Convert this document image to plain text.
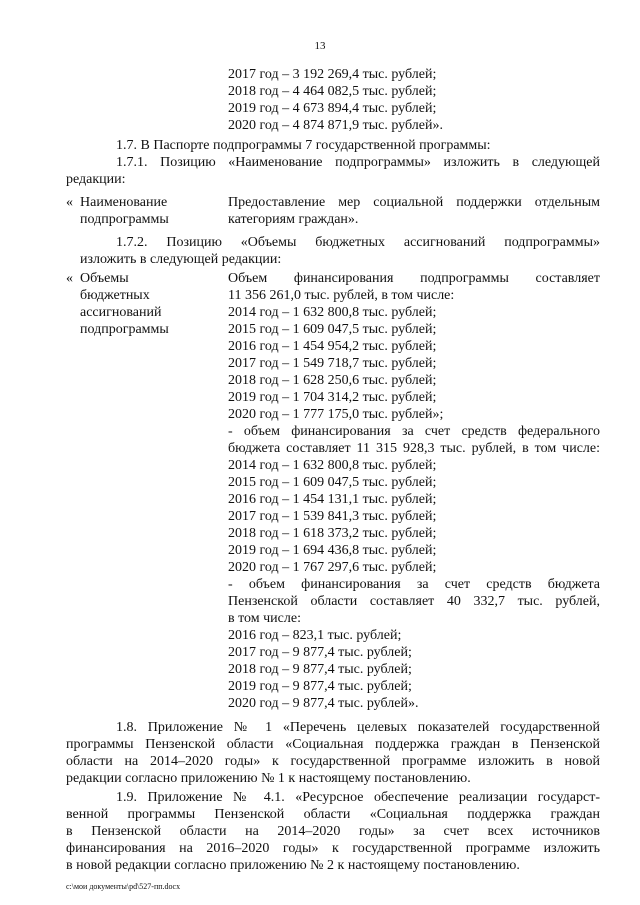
13
2017 год – 3 192 269,4 тыс. рублей;
2018 год – 4 464 082,5 тыс. рублей;
2019 год – 4 673 894,4 тыс. рублей;
2020 год – 4 874 871,9 тыс. рублей».
1.7. В Паспорте подпрограммы 7 государственной программы:
1.7.1. Позицию «Наименование подпрограммы» изложить в следующей
редакции:
« Наименование
подпрограммы
Предоставление мер социальной поддержки отдельным
категориям граждан».
1.7.2. Позицию «Объемы бюджетных ассигнований подпрограммы»
изложить в следующей редакции:
« Объемы
бюджетных
ассигнований
подпрограммы
Объем финансирования подпрограммы составляет
11 356 261,0 тыс. рублей, в том числе:
2014 год – 1 632 800,8 тыс. рублей;
2015 год – 1 609 047,5 тыс. рублей;
2016 год – 1 454 954,2 тыс. рублей;
2017 год – 1 549 718,7 тыс. рублей;
2018 год – 1 628 250,6 тыс. рублей;
2019 год – 1 704 314,2 тыс. рублей;
2020 год – 1 777 175,0 тыс. рублей»;
- объем финансирования за счет средств федерального
бюджета составляет 11 315 928,3 тыс. рублей, в том числе:
2014 год – 1 632 800,8 тыс. рублей;
2015 год – 1 609 047,5 тыс. рублей;
2016 год – 1 454 131,1 тыс. рублей;
2017 год – 1 539 841,3 тыс. рублей;
2018 год – 1 618 373,2 тыс. рублей;
2019 год – 1 694 436,8 тыс. рублей;
2020 год – 1 767 297,6 тыс. рублей;
- объем финансирования за счет средств бюджета
Пензенской области составляет 40 332,7 тыс. рублей,
в том числе:
2016 год – 823,1 тыс. рублей;
2017 год – 9 877,4 тыс. рублей;
2018 год – 9 877,4 тыс. рублей;
2019 год – 9 877,4 тыс. рублей;
2020 год – 9 877,4 тыс. рублей».
1.8. Приложение № 1 «Перечень целевых показателей государственной
программы Пензенской области «Социальная поддержка граждан в Пензенской
области на 2014–2020 годы» к государственной программе изложить в новой
редакции согласно приложению № 1 к настоящему постановлению.
1.9. Приложение № 4.1. «Ресурсное обеспечение реализации государст-
венной программы Пензенской области «Социальная поддержка граждан
в Пензенской области на 2014–2020 годы» за счет всех источников
финансирования на 2016–2020 годы» к государственной программе изложить
в новой редакции согласно приложению № 2 к настоящему постановлению.
c:\мои документы\pd\527-пп.docx
